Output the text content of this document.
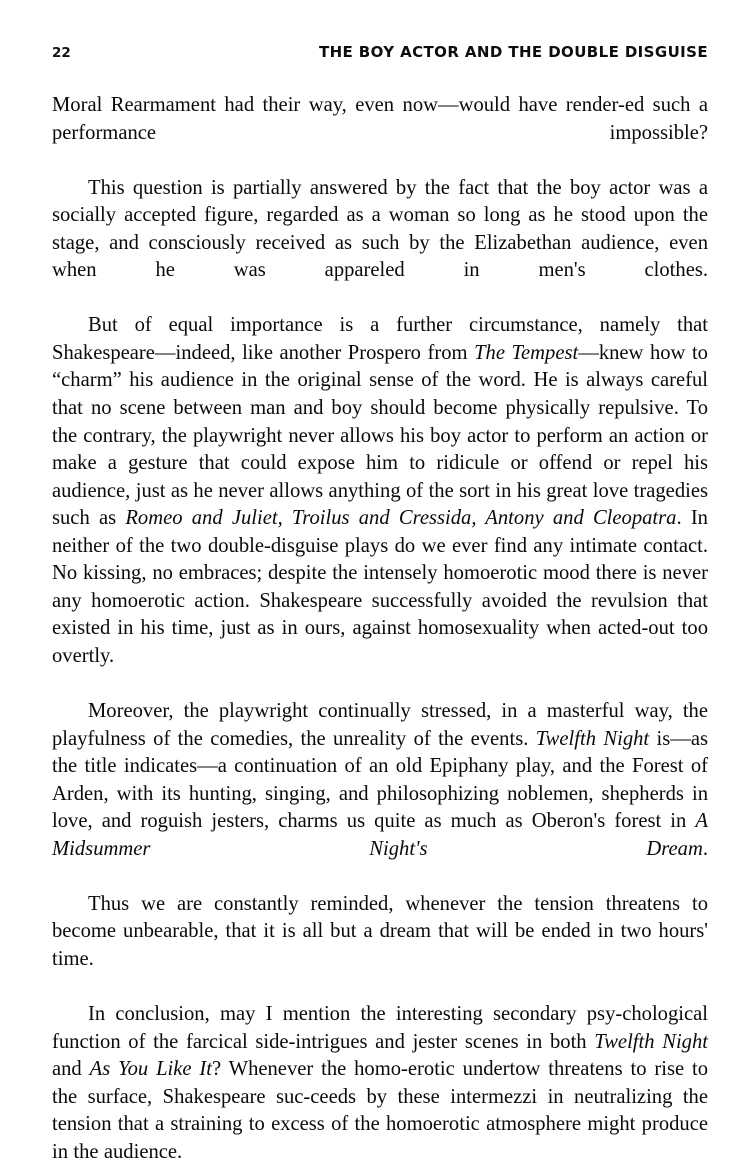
22	THE BOY ACTOR AND THE DOUBLE DISGUISE

Moral Rearmament had their way, even now—would have render-ed such a performance impossible?

This question is partially answered by the fact that the boy actor was a socially accepted figure, regarded as a woman so long as he stood upon the stage, and consciously received as such by the Elizabethan audience, even when he was appareled in men's clothes.

But of equal importance is a further circumstance, namely that Shakespeare—indeed, like another Prospero from The Tempest—knew how to “charm” his audience in the original sense of the word. He is always careful that no scene between man and boy should become physically repulsive. To the contrary, the playwright never allows his boy actor to perform an action or make a gesture that could expose him to ridicule or offend or repel his audience, just as he never allows anything of the sort in his great love tragedies such as Romeo and Juliet, Troilus and Cressida, Antony and Cleopatra. In neither of the two double-disguise plays do we ever find any intimate contact. No kissing, no embraces; despite the intensely homoerotic mood there is never any homoerotic action. Shakespeare successfully avoided the revulsion that existed in his time, just as in ours, against homosexuality when acted-out too overtly.

Moreover, the playwright continually stressed, in a masterful way, the playfulness of the comedies, the unreality of the events. Twelfth Night is—as the title indicates—a continuation of an old Epiphany play, and the Forest of Arden, with its hunting, singing, and philosophizing noblemen, shepherds in love, and roguish jesters, charms us quite as much as Oberon's forest in A Midsummer Night's Dream.

Thus we are constantly reminded, whenever the tension threatens to become unbearable, that it is all but a dream that will be ended in two hours' time.

In conclusion, may I mention the interesting secondary psy-chological function of the farcical side-intrigues and jester scenes in both Twelfth Night and As You Like It? Whenever the homo-erotic undertow threatens to rise to the surface, Shakespeare suc-ceeds by these intermezzi in neutralizing the tension that a straining to excess of the homoerotic atmosphere might produce in the audience.
